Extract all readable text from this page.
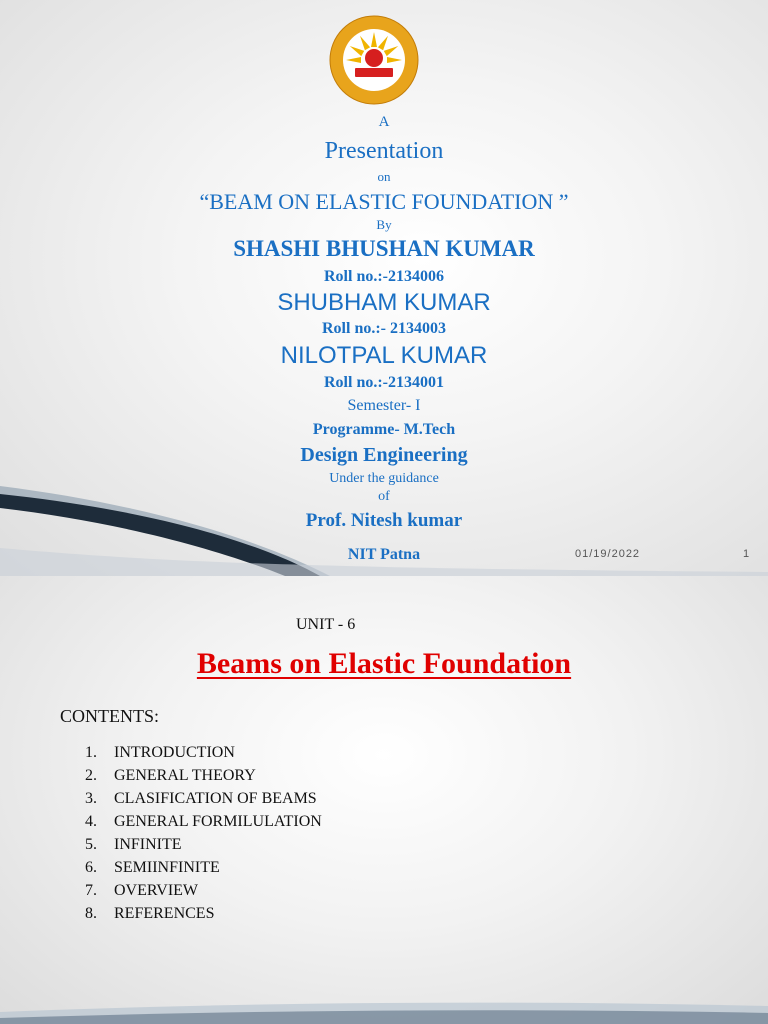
A
Presentation
on
“BEAM ON ELASTIC FOUNDATION ”
By
SHASHI BHUSHAN KUMAR
Roll no.:-2134006
SHUBHAM KUMAR
Roll no.:- 2134003
NILOTPAL KUMAR
Roll no.:-2134001
Semester- I
Programme- M.Tech
Design Engineering
Under the guidance
of
Prof. Nitesh kumar
NIT Patna	01/19/2022	1
UNIT - 6
Beams on Elastic Foundation
CONTENTS:
1.	INTRODUCTION
2.	GENERAL THEORY
3.	CLASIFICATION OF BEAMS
4.	GENERAL FORMILULATION
5.	INFINITE
6.	SEMIINFINITE
7.	OVERVIEW
8.	REFERENCES
